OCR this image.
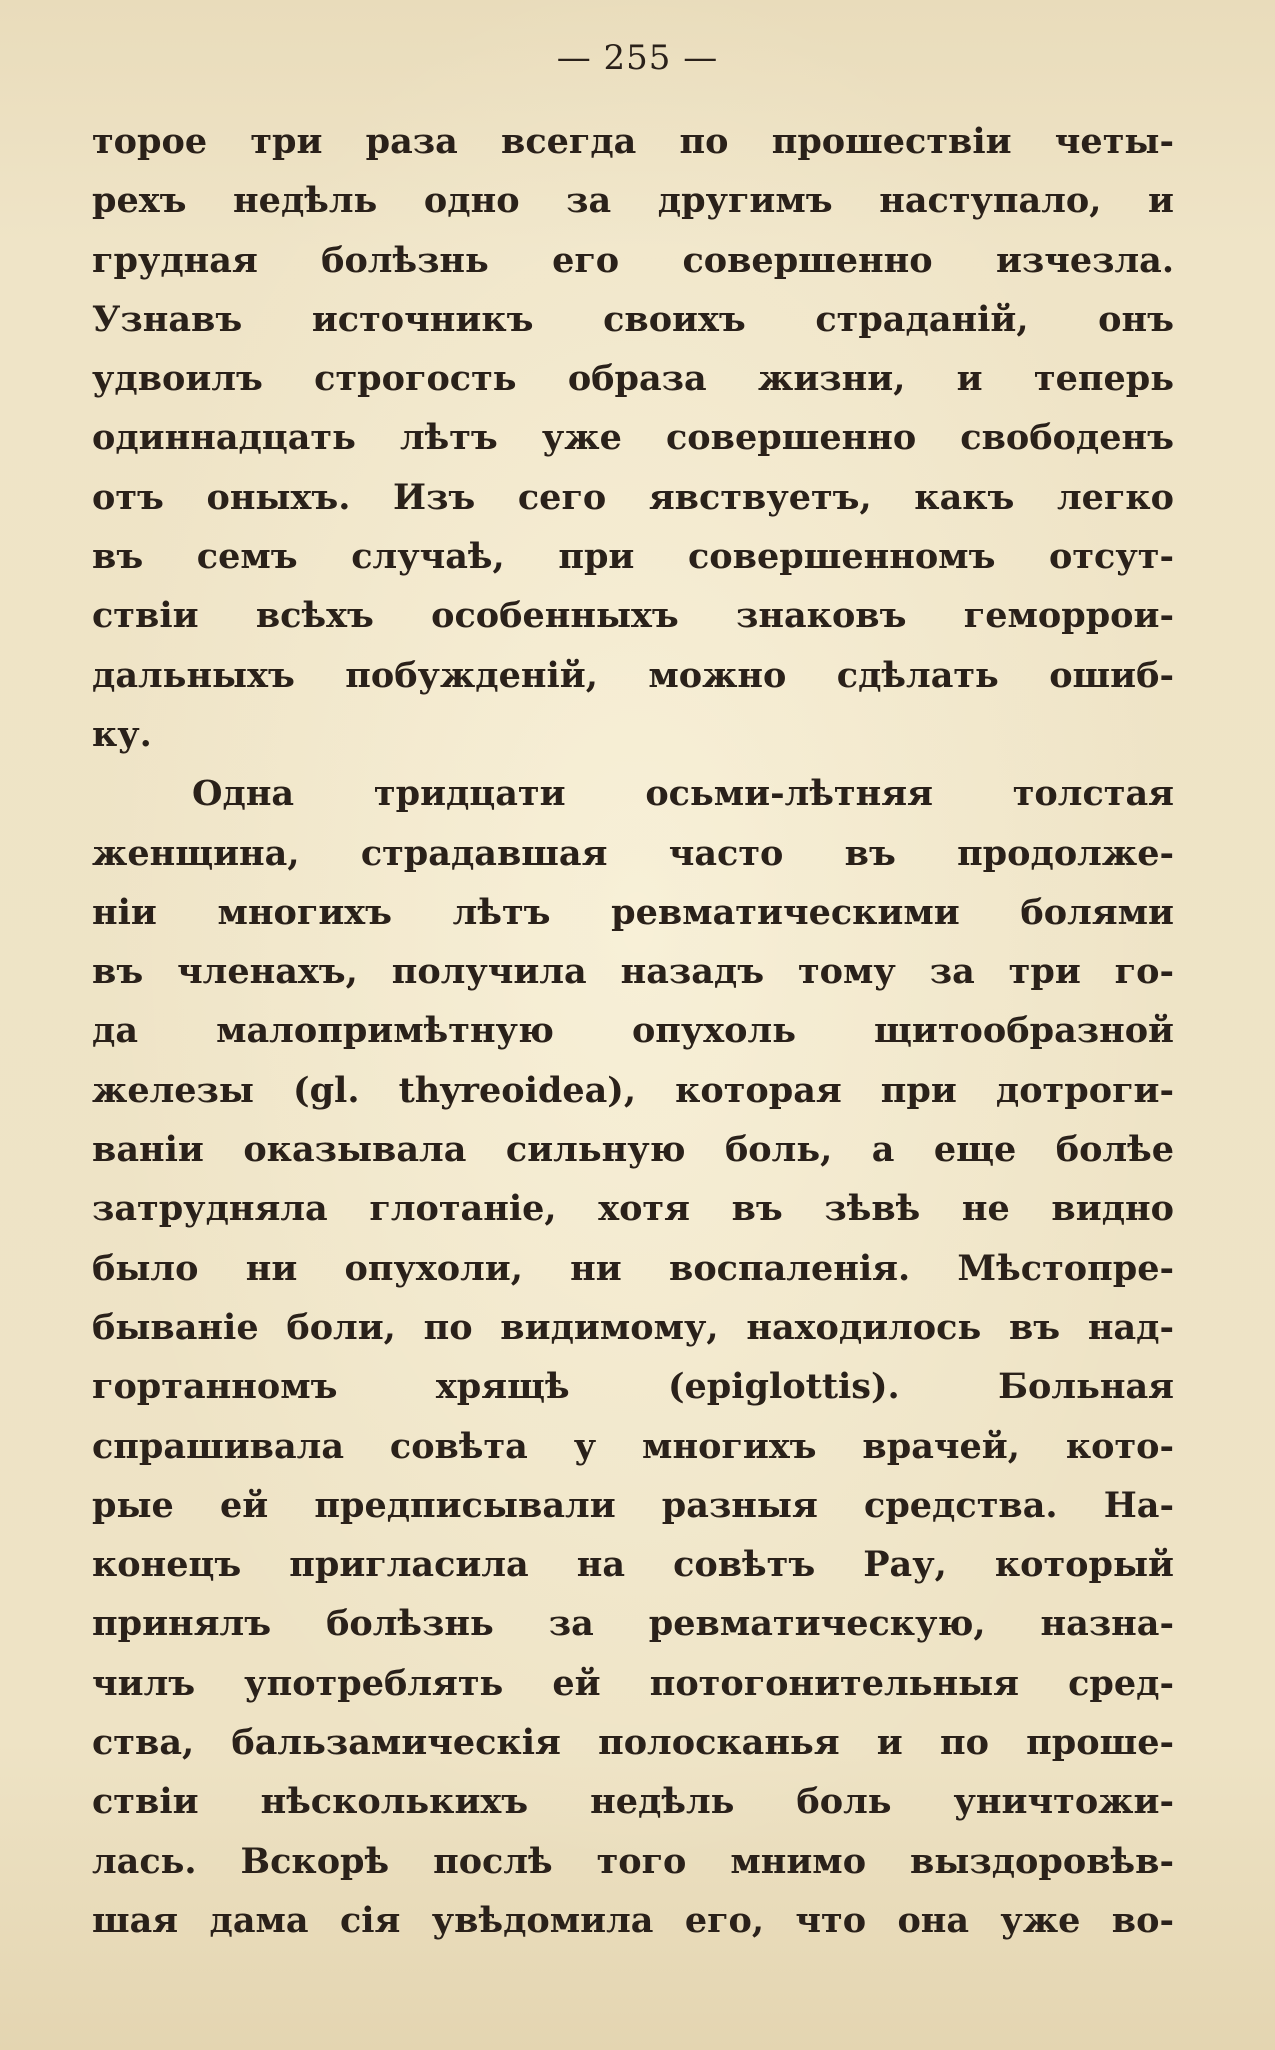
— 255 —
торое три раза всегда по прошествіи четы-
рехъ недѣль одно за другимъ наступало, и
грудная болѣзнь его совершенно изчезла.
Узнавъ источникъ своихъ страданій, онъ
удвоилъ строгость образа жизни, и теперь
одиннадцать лѣтъ уже совершенно свободенъ
отъ оныхъ. Изъ сего явствуетъ, какъ легко
въ семъ случаѣ, при совершенномъ отсут-
ствіи всѣхъ особенныхъ знаковъ геморрои-
дальныхъ побужденій, можно сдѣлать ошиб-
ку.
Одна тридцати осьми-лѣтняя толстая
женщина, страдавшая часто въ продолже-
ніи многихъ лѣтъ ревматическими болями
въ членахъ, получила назадъ тому за три го-
да малопримѣтную опухоль щитообразной
железы (gl. thyreoidea), которая при дотроги-
ваніи оказывала сильную боль, а еще болѣе
затрудняла глотаніе, хотя въ зѣвѣ не видно
было ни опухоли, ни воспаленія. Мѣстопре-
бываніе боли, по видимому, находилось въ над-
гортанномъ хрящѣ (epiglottis). Больная
спрашивала совѣта у многихъ врачей, кото-
рые ей предписывали разныя средства. На-
конецъ пригласила на совѣтъ Рау, который
принялъ болѣзнь за ревматическую, назна-
чилъ употреблять ей потогонительныя сред-
ства, бальзамическія полосканья и по проше-
ствіи нѣсколькихъ недѣль боль уничтожи-
лась. Вскорѣ послѣ того мнимо выздоровѣв-
шая дама сія увѣдомила его, что она уже во-
